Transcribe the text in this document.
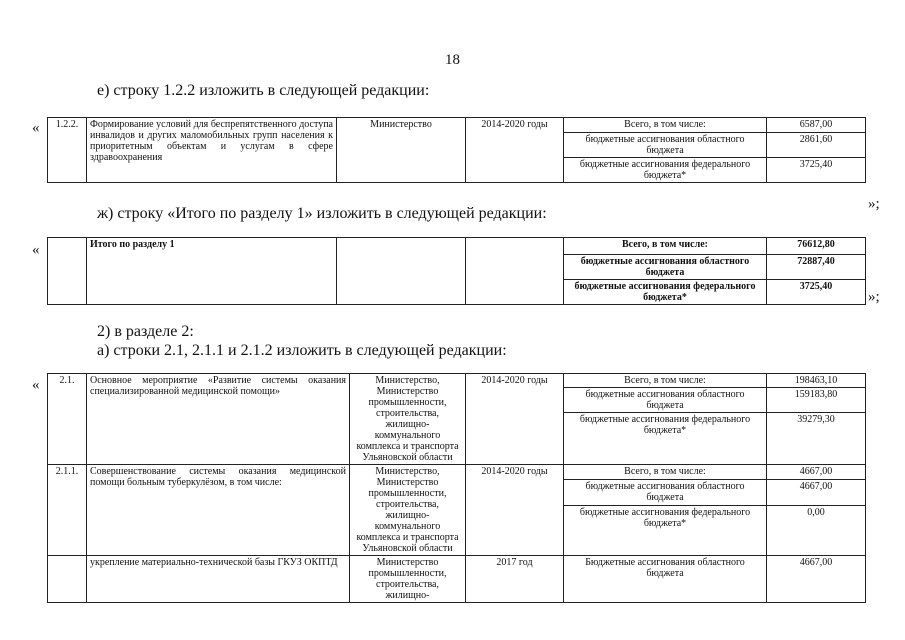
18
е) строку 1.2.2 изложить в следующей редакции:
« 1.2.2.	Формирование условий для беспрепятственного доступа инвалидов и других маломобильных групп населения к приоритетным объектам и услугам в сфере здравоохранения	Министерство	2014-2020 годы	Всего, в том числе:	6587,00
				бюджетные ассигнования областного бюджета	2861,60
				бюджетные ассигнования федерального бюджета*	3725,40
»;
ж) строку «Итого по разделу 1» изложить в следующей редакции:
«
		Итого по разделу 1			Всего, в том числе:	76612,80
				бюджетные ассигнования областного бюджета	72887,40
				бюджетные ассигнования федерального бюджета*	3725,40
»;
2) в разделе 2:
а) строки 2.1, 2.1.1 и 2.1.2 изложить в следующей редакции:
« 2.1.	Основное мероприятие «Развитие системы оказания специализированной медицинской помощи»	Министерство, Министерство промышленности, строительства, жилищно-коммунального комплекса и транспорта Ульяновской области	2014-2020 годы	Всего, в том числе:	198463,10
				бюджетные ассигнования областного бюджета	159183,80
				бюджетные ассигнования федерального бюджета*	39279,30
2.1.1.	Совершенствование системы оказания медицинской помощи больным туберкулёзом, в том числе:	Министерство, Министерство промышленности, строительства, жилищно-коммунального комплекса и транспорта Ульяновской области	2014-2020 годы	Всего, в том числе:	4667,00
				бюджетные ассигнования областного бюджета	4667,00
				бюджетные ассигнования федерального бюджета*	0,00
	укрепление материально-технической базы ГКУЗ ОКПТД	Министерство промышленности, строительства, жилищно-	2017 год	Бюджетные ассигнования областного бюджета	4667,00
